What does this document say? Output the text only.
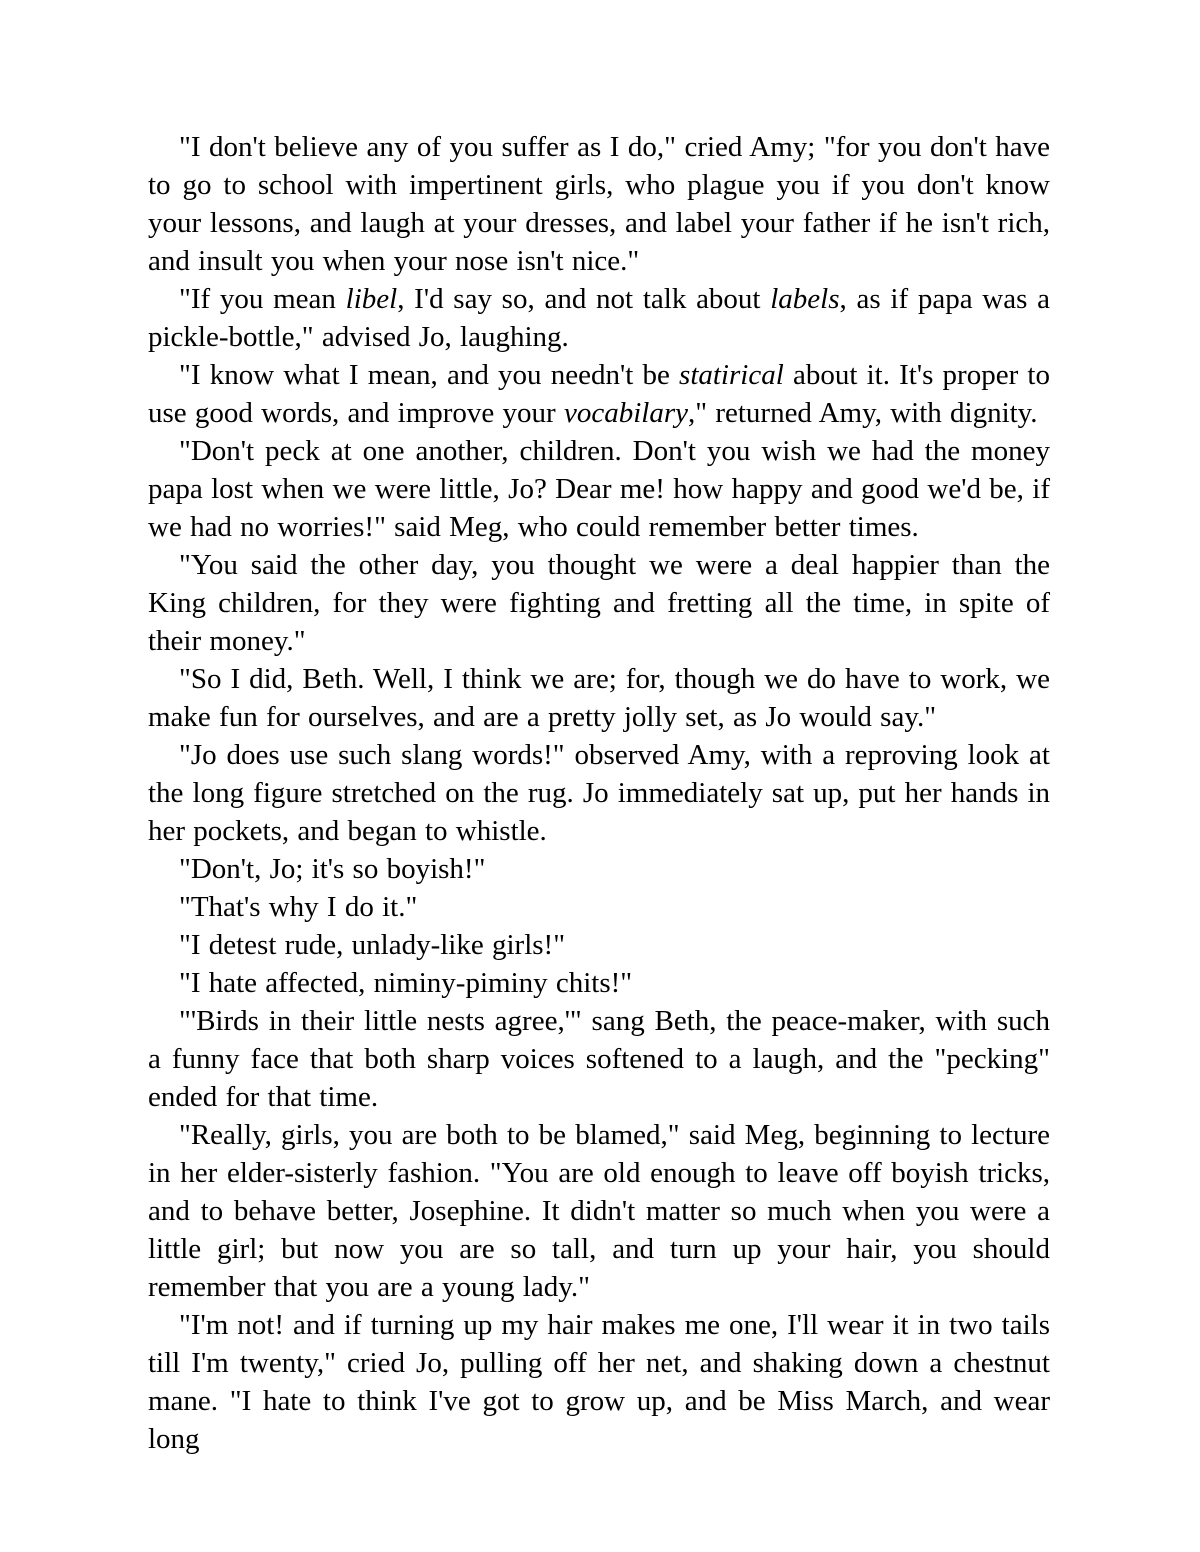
"I don't believe any of you suffer as I do," cried Amy; "for you don't have to go to school with impertinent girls, who plague you if you don't know your lessons, and laugh at your dresses, and label your father if he isn't rich, and insult you when your nose isn't nice."

"If you mean libel, I'd say so, and not talk about labels, as if papa was a pickle-bottle," advised Jo, laughing.

"I know what I mean, and you needn't be statirical about it. It's proper to use good words, and improve your vocabilary," returned Amy, with dignity.

"Don't peck at one another, children. Don't you wish we had the money papa lost when we were little, Jo? Dear me! how happy and good we'd be, if we had no worries!" said Meg, who could remember better times.

"You said the other day, you thought we were a deal happier than the King children, for they were fighting and fretting all the time, in spite of their money."

"So I did, Beth. Well, I think we are; for, though we do have to work, we make fun for ourselves, and are a pretty jolly set, as Jo would say."

"Jo does use such slang words!" observed Amy, with a reproving look at the long figure stretched on the rug. Jo immediately sat up, put her hands in her pockets, and began to whistle.

"Don't, Jo; it's so boyish!"

"That's why I do it."

"I detest rude, unlady-like girls!"

"I hate affected, niminy-piminy chits!"

"'Birds in their little nests agree,'" sang Beth, the peace-maker, with such a funny face that both sharp voices softened to a laugh, and the "pecking" ended for that time.

"Really, girls, you are both to be blamed," said Meg, beginning to lecture in her elder-sisterly fashion. "You are old enough to leave off boyish tricks, and to behave better, Josephine. It didn't matter so much when you were a little girl; but now you are so tall, and turn up your hair, you should remember that you are a young lady."

"I'm not! and if turning up my hair makes me one, I'll wear it in two tails till I'm twenty," cried Jo, pulling off her net, and shaking down a chestnut mane. "I hate to think I've got to grow up, and be Miss March, and wear long
